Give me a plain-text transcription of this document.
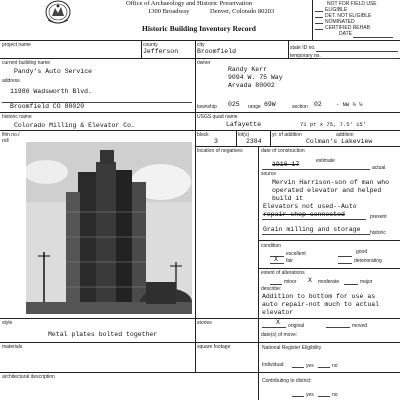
Office of Archaeology and Historic Preservation
1300 Broadway	Denver, Colorado 80203
Historic Building Inventory Record
NOT FOR FIELD USE
ELIGIBLE
DET. NOT ELIGIBLE
NOMINATED
CERTIFIED REHAB
DATE
project name	county
Jefferson
city
Broomfield	state ID no.
temporary no.
current building name
Pandy's Auto Service
address
11986 Wadsworth Blvd.
Broomfield CO 80020
owner
Randy Kerr
9094 W. 75 Way
Arvada 80002
township 025 range 69W	section 02	- NW ¼ ¼
historic name
Colorado Milling & Elevator Co.
USGS quad name
Lafayette	71 pr x 75, 7.5' 15'
film no./ roll
block
3
lot(s)
2384
yr. of addition	addition
Colman's Lakeview
location of negatives	date of construction
estimate
1916-17	actual
source
Mervin Harrison-son of man who
operated elevator and helped
build it
Elevators not used--Auto
repair shop connected	present
Grain milling and storage historic
condition
excellent	good
X fair	deteriorating
extent of alterations
minor X moderate	major
describe:
Addition to bottom for use as
auto repair-not much to actual
elevator
X original	moved
date(s) of move:
style
Metal plates bolted together
stories
materials	square footage	National Register Eligibility
Individual:	yes	no
architectural description
Contributing to district:
yes	no
